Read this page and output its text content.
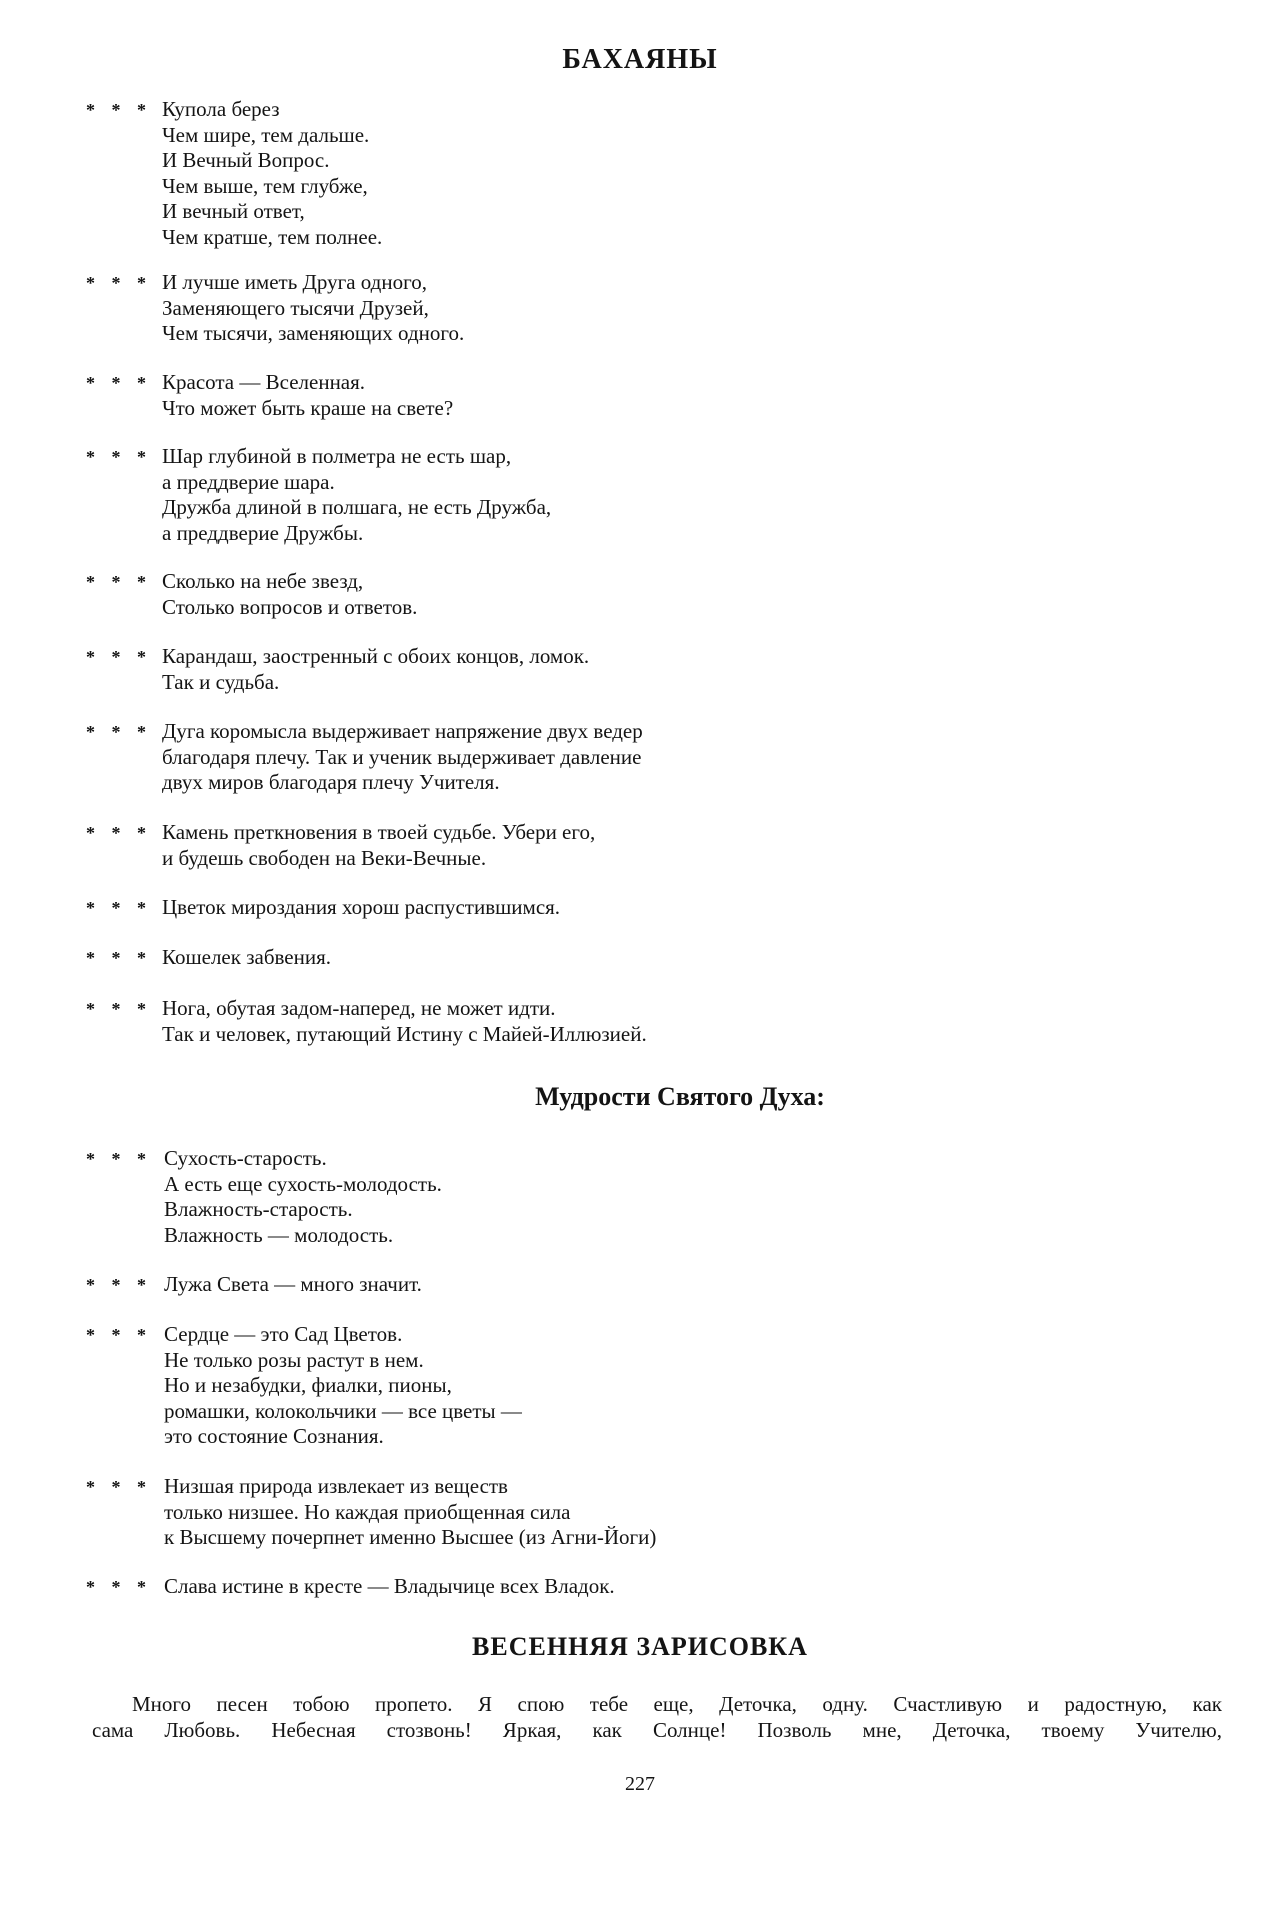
БАХАЯНЫ
* * * Купола берез
Чем шире, тем дальше.
И Вечный Вопрос.
Чем выше, тем глубже,
И вечный ответ,
Чем кратше, тем полнее.
* * * И лучше иметь Друга одного,
Заменяющего тысячи Друзей,
Чем тысячи, заменяющих одного.
* * * Красота — Вселенная.
Что может быть краше на свете?
* * * Шар глубиной в полметра не есть шар,
а преддверие шара.
Дружба длиной в полшага, не есть Дружба,
а преддверие Дружбы.
* * * Сколько на небе звезд,
Столько вопросов и ответов.
* * * Карандаш, заостренный с обоих концов, ломок.
Так и судьба.
* * * Дуга коромысла выдерживает напряжение двух ведер
благодаря плечу. Так и ученик выдерживает давление
двух миров благодаря плечу Учителя.
* * * Камень преткновения в твоей судьбе. Убери его,
и будешь свободен на Веки-Вечные.
* * * Цветок мироздания хорош распустившимся.
* * * Кошелек забвения.
* * * Нога, обутая задом-наперед, не может идти.
Так и человек, путающий Истину с Майей-Иллюзией.
Мудрости Святого Духа:
* * * Сухость-старость.
А есть еще сухость-молодость.
Влажность-старость.
Влажность — молодость.
* * * Лужа Света — много значит.
* * * Сердце — это Сад Цветов.
Не только розы растут в нем.
Но и незабудки, фиалки, пионы,
ромашки, колокольчики — все цветы —
это состояние Сознания.
* * * Низшая природа извлекает из веществ
только низшее. Но каждая приобщенная сила
к Высшему почерпнет именно Высшее (из Агни-Йоги)
* * * Слава истине в кресте — Владычице всех Владок.
ВЕСЕННЯЯ ЗАРИСОВКА
Много песен тобою пропето. Я спою тебе еще, Деточка, одну. Счастливую и радостную, как
сама Любовь. Небесная стозвонь! Яркая, как Солнце! Позволь мне, Деточка, твоему Учителю,
227
